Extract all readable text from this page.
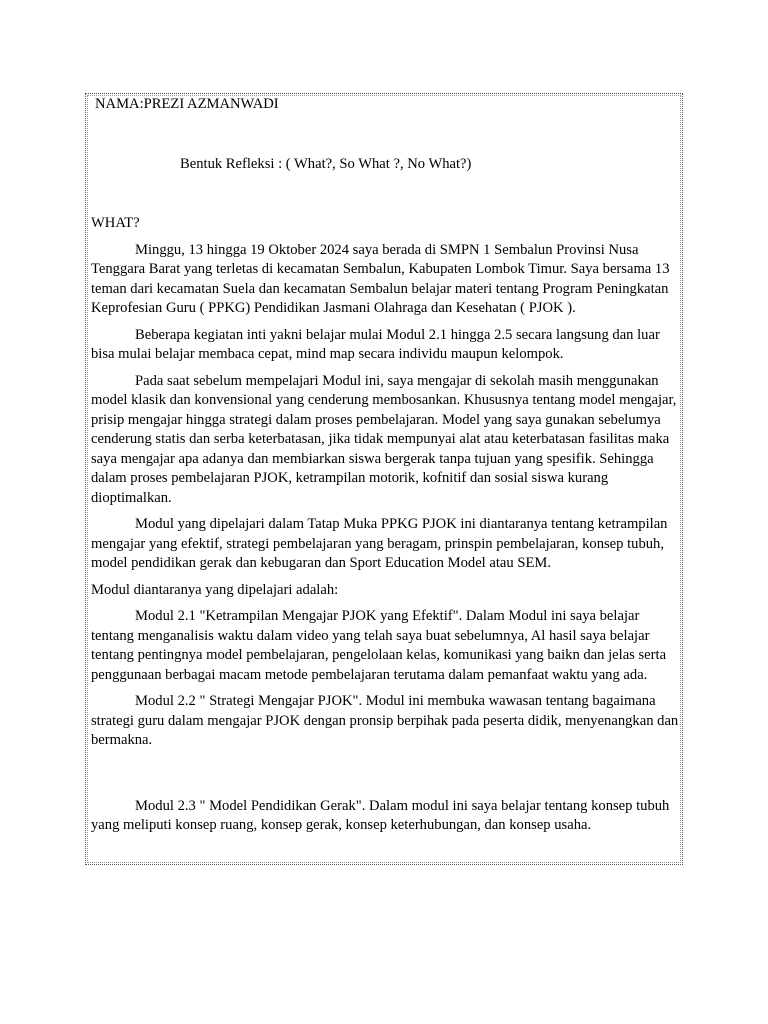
NAMA:PREZI AZMANWADI

Bentuk Refleksi : ( What?, So What ?, No What?)

WHAT?

Minggu, 13 hingga 19 Oktober 2024 saya berada di SMPN 1 Sembalun Provinsi Nusa Tenggara Barat yang terletas di kecamatan Sembalun, Kabupaten Lombok Timur. Saya bersama 13 teman dari kecamatan Suela dan kecamatan Sembalun belajar materi tentang Program Peningkatan Keprofesian Guru ( PPKG) Pendidikan Jasmani Olahraga dan Kesehatan ( PJOK ).

Beberapa kegiatan inti yakni belajar mulai Modul 2.1 hingga 2.5 secara langsung dan luar bisa mulai belajar membaca cepat, mind map secara individu maupun kelompok.

Pada saat sebelum mempelajari Modul ini, saya mengajar di sekolah masih menggunakan model klasik dan konvensional yang cenderung membosankan. Khususnya tentang model mengajar, prisip mengajar hingga strategi dalam proses pembelajaran. Model yang saya gunakan sebelumya cenderung statis dan serba keterbatasan, jika tidak mempunyai alat atau keterbatasan fasilitas maka saya mengajar apa adanya dan membiarkan siswa bergerak tanpa tujuan yang spesifik. Sehingga dalam proses pembelajaran PJOK, ketrampilan motorik, kofnitif dan sosial siswa kurang dioptimalkan.

Modul yang dipelajari dalam Tatap Muka PPKG PJOK ini diantaranya tentang ketrampilan mengajar yang efektif, strategi pembelajaran yang beragam, prinspin pembelajaran, konsep tubuh, model pendidikan gerak dan kebugaran dan Sport Education Model atau SEM.

Modul diantaranya yang dipelajari adalah:

Modul 2.1 "Ketrampilan Mengajar PJOK yang Efektif". Dalam Modul ini saya belajar tentang menganalisis waktu dalam video yang telah saya buat sebelumnya, Al hasil saya belajar tentang pentingnya model pembelajaran, pengelolaan kelas, komunikasi yang baikn dan jelas serta penggunaan berbagai macam metode pembelajaran terutama dalam pemanfaat waktu yang ada.

Modul 2.2 " Strategi Mengajar PJOK". Modul ini membuka wawasan tentang bagaimana strategi guru dalam mengajar PJOK dengan pronsip berpihak pada peserta didik, menyenangkan dan bermakna.

Modul 2.3 " Model Pendidikan Gerak". Dalam modul ini saya belajar tentang konsep tubuh yang meliputi konsep ruang, konsep gerak, konsep keterhubungan, dan konsep usaha.
